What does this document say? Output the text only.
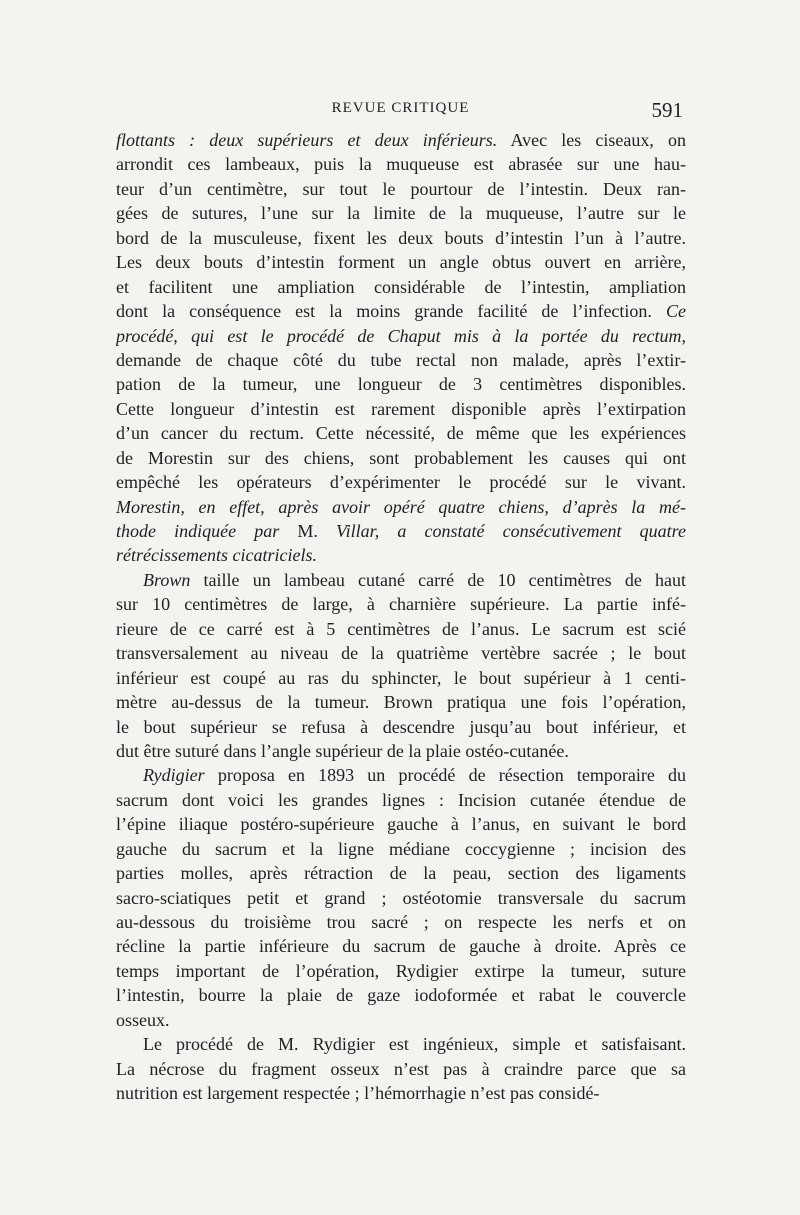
REVUE CRITIQUE	591
flottants : deux supérieurs et deux inférieurs. Avec les ciseaux, on
arrondit ces lambeaux, puis la muqueuse est abrasée sur une hau-
teur d’un centimètre, sur tout le pourtour de l’intestin. Deux ran-
gées de sutures, l’une sur la limite de la muqueuse, l’autre sur le
bord de la musculeuse, fixent les deux bouts d’intestin l’un à l’autre.
Les deux bouts d’intestin forment un angle obtus ouvert en arrière,
et facilitent une ampliation considérable de l’intestin, ampliation
dont la conséquence est la moins grande facilité de l’infection. Ce
procédé, qui est le procédé de Chaput mis à la portée du rectum,
demande de chaque côté du tube rectal non malade, après l’extir-
pation de la tumeur, une longueur de 3 centimètres disponibles.
Cette longueur d’intestin est rarement disponible après l’extirpation
d’un cancer du rectum. Cette nécessité, de même que les expériences
de Morestin sur des chiens, sont probablement les causes qui ont
empêché les opérateurs d’expérimenter le procédé sur le vivant.
Morestin, en effet, après avoir opéré quatre chiens, d’après la mé-
thode indiquée par M. Villar, a constaté consécutivement quatre
rétrécissements cicatriciels.
Brown taille un lambeau cutané carré de 10 centimètres de haut
sur 10 centimètres de large, à charnière supérieure. La partie infé-
rieure de ce carré est à 5 centimètres de l’anus. Le sacrum est scié
transversalement au niveau de la quatrième vertèbre sacrée ; le bout
inférieur est coupé au ras du sphincter, le bout supérieur à 1 centi-
mètre au-dessus de la tumeur. Brown pratiqua une fois l’opération,
le bout supérieur se refusa à descendre jusqu’au bout inférieur, et
dut être suturé dans l’angle supérieur de la plaie ostéo-cutanée.
Rydigier proposa en 1893 un procédé de résection temporaire du
sacrum dont voici les grandes lignes : Incision cutanée étendue de
l’épine iliaque postéro-supérieure gauche à l’anus, en suivant le bord
gauche du sacrum et la ligne médiane coccygienne ; incision des
parties molles, après rétraction de la peau, section des ligaments
sacro-sciatiques petit et grand ; ostéotomie transversale du sacrum
au-dessous du troisième trou sacré ; on respecte les nerfs et on
récline la partie inférieure du sacrum de gauche à droite. Après ce
temps important de l’opération, Rydigier extirpe la tumeur, suture
l’intestin, bourre la plaie de gaze iodoformée et rabat le couvercle
osseux.
Le procédé de M. Rydigier est ingénieux, simple et satisfaisant.
La nécrose du fragment osseux n’est pas à craindre parce que sa
nutrition est largement respectée ; l’hémorrhagie n’est pas considé-
